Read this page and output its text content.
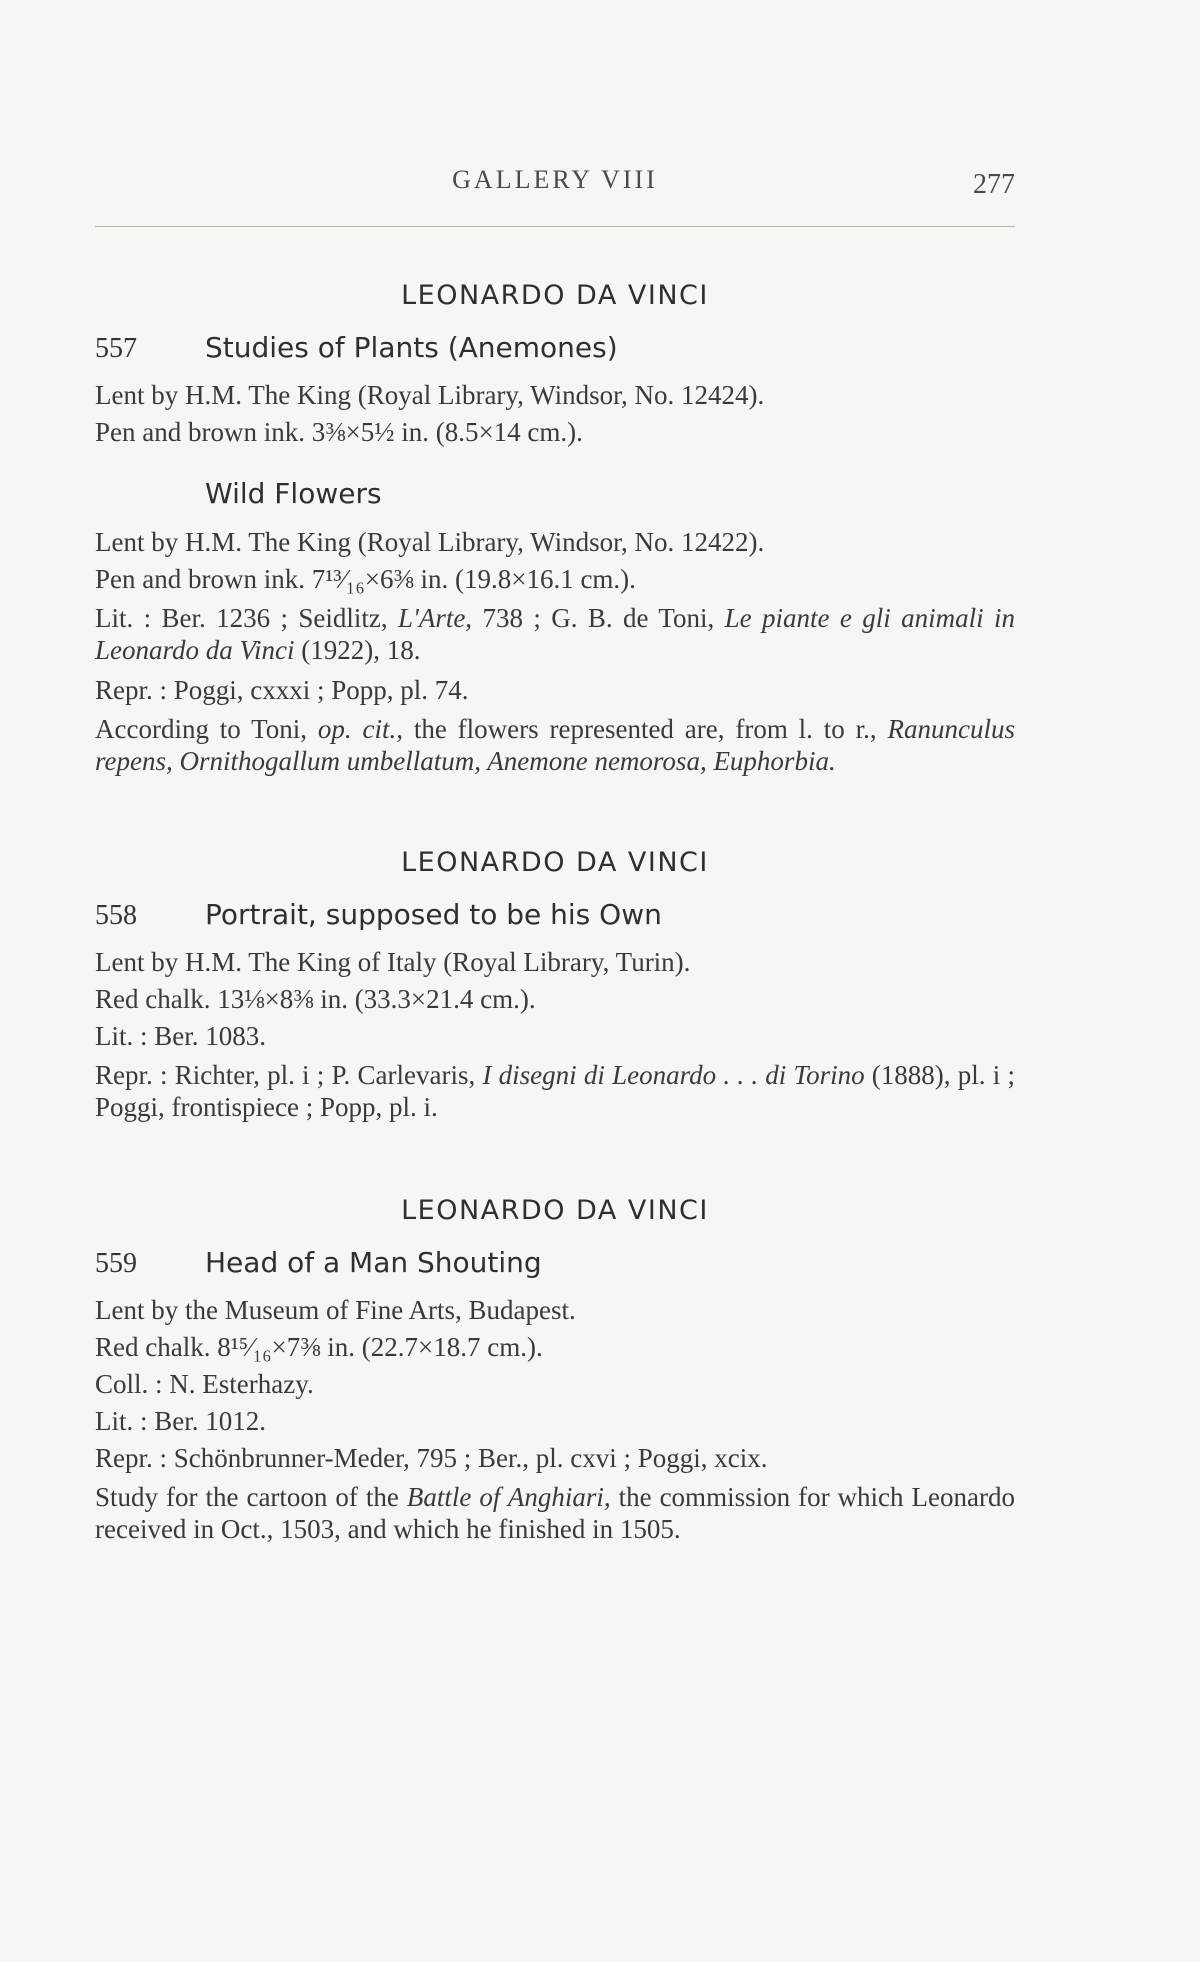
GALLERY VIII	277
LEONARDO DA VINCI
557	Studies of Plants (Anemones)

Lent by H.M. The King (Royal Library, Windsor, No. 12424).

Pen and brown ink. 3⅜×5½ in. (8.5×14 cm.).

Wild Flowers

Lent by H.M. The King (Royal Library, Windsor, No. 12422).

Pen and brown ink. 7¹³⁄₁₆×6⅜ in. (19.8×16.1 cm.).

Lit. : Ber. 1236 ; Seidlitz, L'Arte, 738 ; G. B. de Toni, Le piante e gli animali in Leonardo da Vinci (1922), 18.

Repr. : Poggi, cxxxi ; Popp, pl. 74.

According to Toni, op. cit., the flowers represented are, from l. to r., Ranunculus repens, Ornithogallum umbellatum, Anemone nemorosa, Euphorbia.

LEONARDO DA VINCI
558	Portrait, supposed to be his Own

Lent by H.M. The King of Italy (Royal Library, Turin).

Red chalk. 13⅛×8⅜ in. (33.3×21.4 cm.).

Lit. : Ber. 1083.

Repr. : Richter, pl. i ; P. Carlevaris, I disegni di Leonardo . . . di Torino (1888), pl. i ; Poggi, frontispiece ; Popp, pl. i.

LEONARDO DA VINCI
559	Head of a Man Shouting

Lent by the Museum of Fine Arts, Budapest.

Red chalk. 8¹⁵⁄₁₆×7⅜ in. (22.7×18.7 cm.).

Coll. : N. Esterhazy.

Lit. : Ber. 1012.

Repr. : Schönbrunner-Meder, 795 ; Ber., pl. cxvi ; Poggi, xcix.

Study for the cartoon of the Battle of Anghiari, the commission for which Leonardo received in Oct., 1503, and which he finished in 1505.
